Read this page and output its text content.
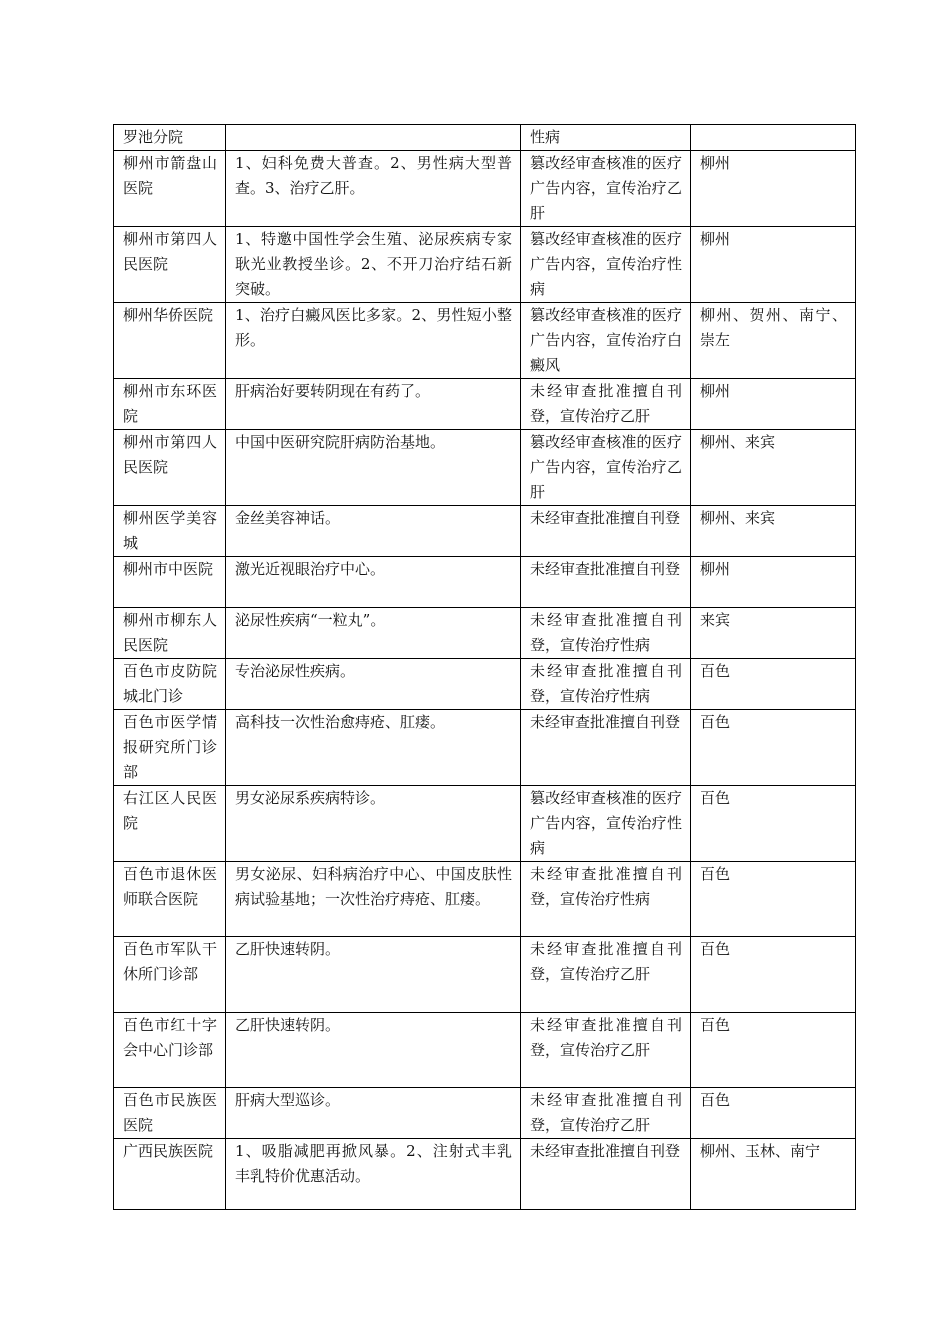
罗池分院		性病	
柳州市箭盘山医院	1、妇科免费大普查。2、男性病大型普查。3、治疗乙肝。	篡改经审查核准的医疗广告内容，宣传治疗乙肝	柳州
柳州市第四人民医院	1、特邀中国性学会生殖、泌尿疾病专家耿光业教授坐诊。2、不开刀治疗结石新突破。	篡改经审查核准的医疗广告内容，宣传治疗性病	柳州
柳州华侨医院	1、治疗白癜风医比多家。2、男性短小整形。	篡改经审查核准的医疗广告内容，宣传治疗白癜风	柳州、贺州、南宁、崇左
柳州市东环医院	肝病治好要转阴现在有药了。	未经审查批准擅自刊登，宣传治疗乙肝	柳州
柳州市第四人民医院	中国中医研究院肝病防治基地。	篡改经审查核准的医疗广告内容，宣传治疗乙肝	柳州、来宾
柳州医学美容城	金丝美容神话。	未经审查批准擅自刊登	柳州、来宾
柳州市中医院	激光近视眼治疗中心。	未经审查批准擅自刊登	柳州
柳州市柳东人民医院	泌尿性疾病“一粒丸”。	未经审查批准擅自刊登，宣传治疗性病	来宾
百色市皮防院城北门诊	专治泌尿性疾病。	未经审查批准擅自刊登，宣传治疗性病	百色
百色市医学情报研究所门诊部	高科技一次性治愈痔疮、肛瘘。	未经审查批准擅自刊登	百色
右江区人民医院	男女泌尿系疾病特诊。	篡改经审查核准的医疗广告内容，宣传治疗性病	百色
百色市退休医师联合医院	男女泌尿、妇科病治疗中心、中国皮肤性病试验基地；一次性治疗痔疮、肛瘘。	未经审查批准擅自刊登，宣传治疗性病	百色
百色市军队干休所门诊部	乙肝快速转阴。	未经审查批准擅自刊登，宣传治疗乙肝	百色
百色市红十字会中心门诊部	乙肝快速转阴。	未经审查批准擅自刊登，宣传治疗乙肝	百色
百色市民族医医院	肝病大型巡诊。	未经审查批准擅自刊登，宣传治疗乙肝	百色
广西民族医院	1、吸脂减肥再掀风暴。2、注射式丰乳 丰乳特价优惠活动。	未经审查批准擅自刊登	柳州、玉林、南宁
